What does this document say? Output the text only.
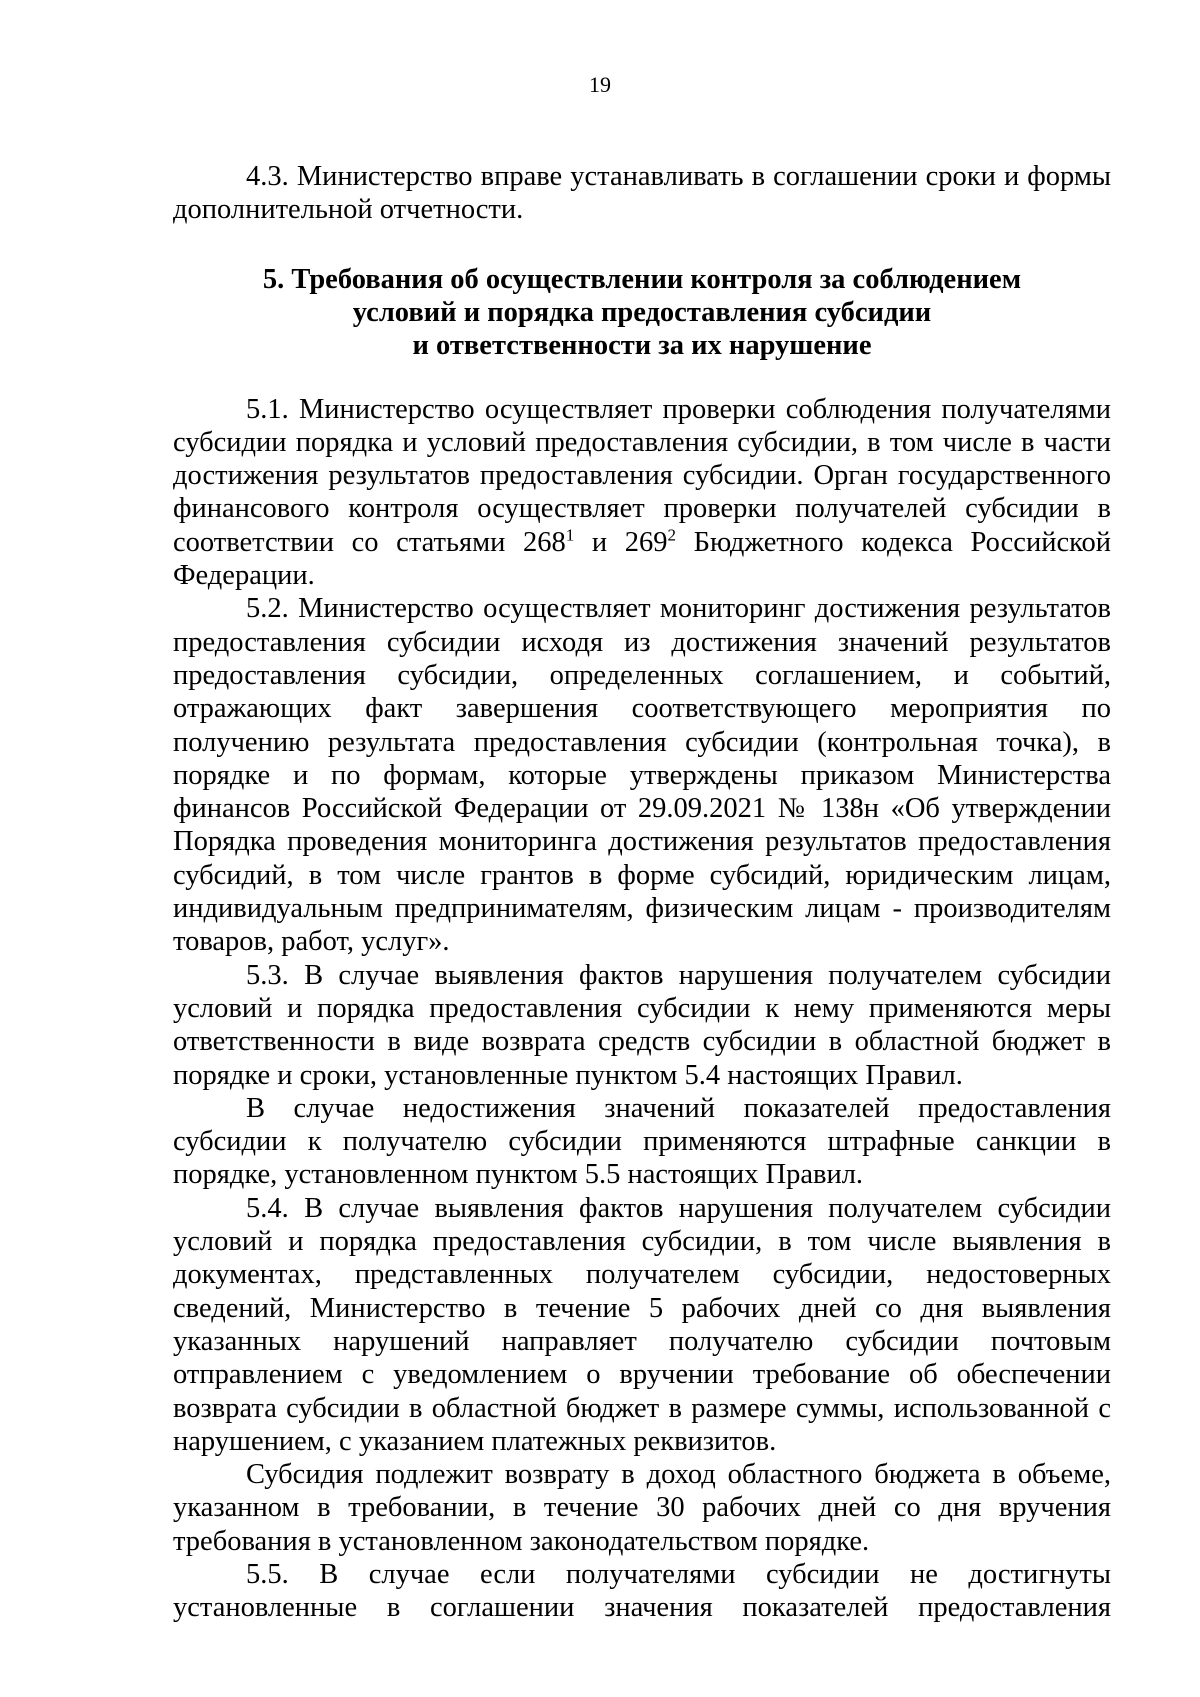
19

4.3. Министерство вправе устанавливать в соглашении сроки и формы дополнительной отчетности.

5. Требования об осуществлении контроля за соблюдением
условий и порядка предоставления субсидии
и ответственности за их нарушение

5.1. Министерство осуществляет проверки соблюдения получателями субсидии порядка и условий предоставления субсидии, в том числе в части достижения результатов предоставления субсидии. Орган государственного финансового контроля осуществляет проверки получателей субсидии в соответствии со статьями $268^1$ и $269^2$ Бюджетного кодекса Российской Федерации.

5.2. Министерство осуществляет мониторинг достижения результатов предоставления субсидии исходя из достижения значений результатов предоставления субсидии, определенных соглашением, и событий, отражающих факт завершения соответствующего мероприятия по получению результата предоставления субсидии (контрольная точка), в порядке и по формам, которые утверждены приказом Министерства финансов Российской Федерации от 29.09.2021 № 138н «Об утверждении Порядка проведения мониторинга достижения результатов предоставления субсидий, в том числе грантов в форме субсидий, юридическим лицам, индивидуальным предпринимателям, физическим лицам - производителям товаров, работ, услуг».

5.3. В случае выявления фактов нарушения получателем субсидии условий и порядка предоставления субсидии к нему применяются меры ответственности в виде возврата средств субсидии в областной бюджет в порядке и сроки, установленные пунктом 5.4 настоящих Правил.

В случае недостижения значений показателей предоставления субсидии к получателю субсидии применяются штрафные санкции в порядке, установленном пунктом 5.5 настоящих Правил.

5.4. В случае выявления фактов нарушения получателем субсидии условий и порядка предоставления субсидии, в том числе выявления в документах, представленных получателем субсидии, недостоверных сведений, Министерство в течение 5 рабочих дней со дня выявления указанных нарушений направляет получателю субсидии почтовым отправлением с уведомлением о вручении требование об обеспечении возврата субсидии в областной бюджет в размере суммы, использованной с нарушением, с указанием платежных реквизитов.

Субсидия подлежит возврату в доход областного бюджета в объеме, указанном в требовании, в течение 30 рабочих дней со дня вручения требования в установленном законодательством порядке.

5.5. В случае если получателями субсидии не достигнуты установленные в соглашении значения показателей предоставления
